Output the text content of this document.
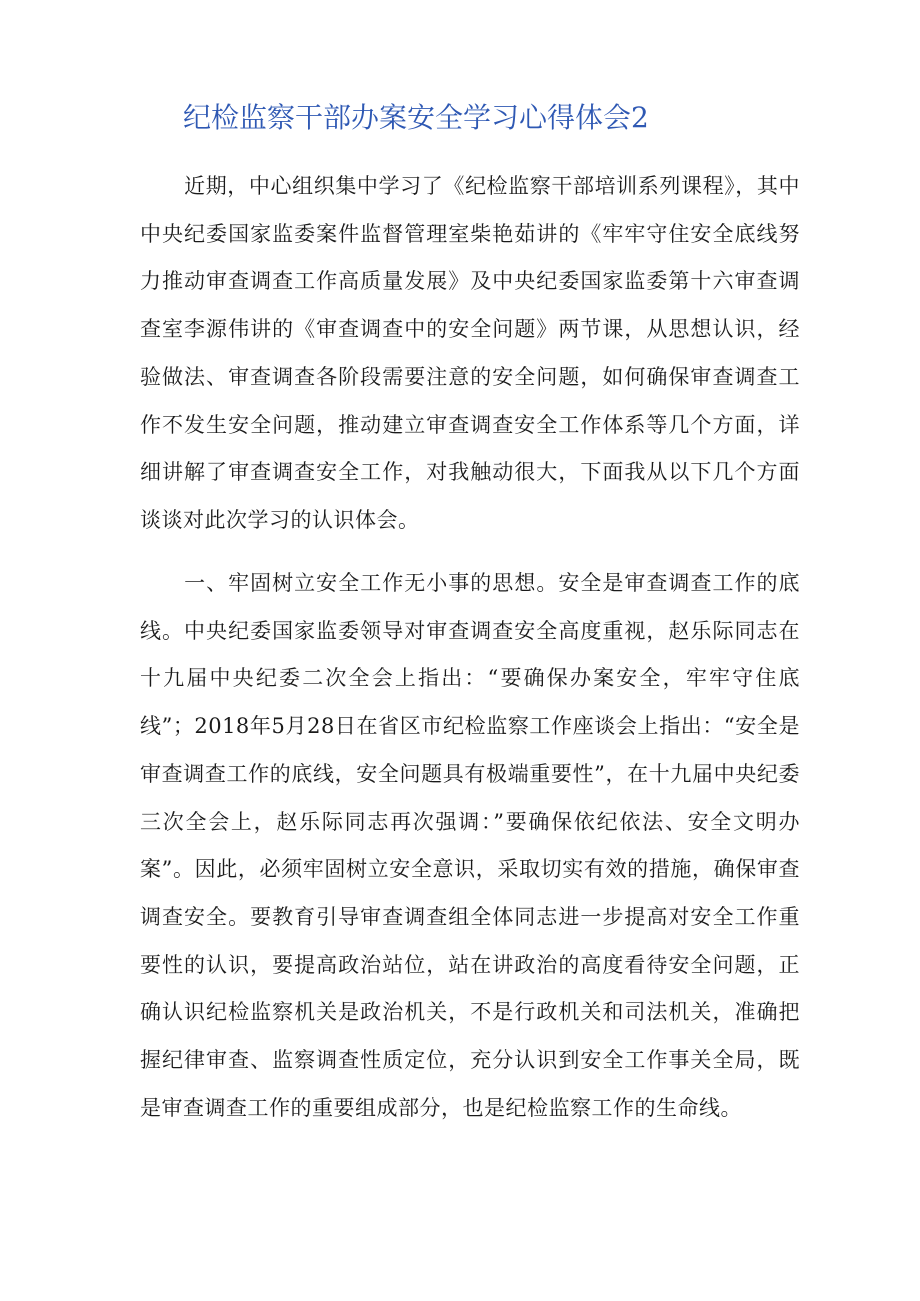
纪检监察干部办案安全学习心得体会2

近期，中心组织集中学习了《纪检监察干部培训系列课程》，其中中央纪委国家监委案件监督管理室柴艳茹讲的《牢牢守住安全底线努力推动审查调查工作高质量发展》及中央纪委国家监委第十六审查调查室李源伟讲的《审查调查中的安全问题》两节课，从思想认识，经验做法、审查调查各阶段需要注意的安全问题，如何确保审查调查工作不发生安全问题，推动建立审查调查安全工作体系等几个方面，详细讲解了审查调查安全工作，对我触动很大，下面我从以下几个方面谈谈对此次学习的认识体会。

一、牢固树立安全工作无小事的思想。安全是审查调查工作的底线。中央纪委国家监委领导对审查调查安全高度重视，赵乐际同志在十九届中央纪委二次全会上指出：“要确保办案安全，牢牢守住底线”；2018年5月28日在省区市纪检监察工作座谈会上指出：“安全是审查调查工作的底线，安全问题具有极端重要性”，在十九届中央纪委三次全会上，赵乐际同志再次强调：”要确保依纪依法、安全文明办案”。因此，必须牢固树立安全意识，采取切实有效的措施，确保审查调查安全。要教育引导审查调查组全体同志进一步提高对安全工作重要性的认识，要提高政治站位，站在讲政治的高度看待安全问题，正确认识纪检监察机关是政治机关，不是行政机关和司法机关，准确把握纪律审查、监察调查性质定位，充分认识到安全工作事关全局，既是审查调查工作的重要组成部分，也是纪检监察工作的生命线。
